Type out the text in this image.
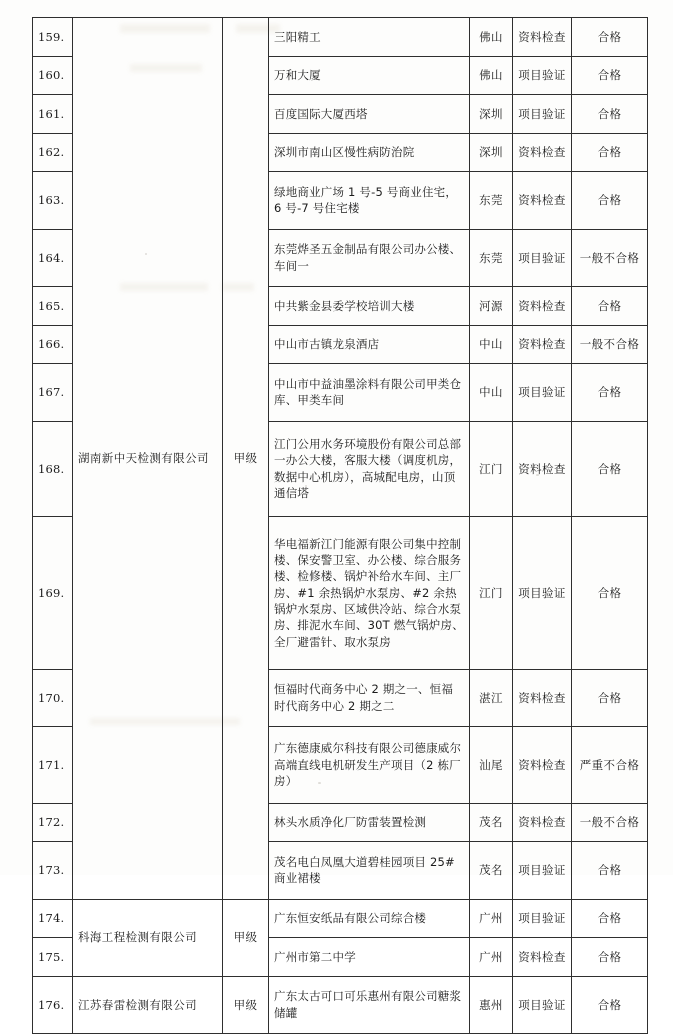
159.	湖南新中天检测有限公司	甲级	三阳精工	佛山	资料检查	合格
160.			万和大厦	佛山	项目验证	合格
161.			百度国际大厦西塔	深圳	项目验证	合格
162.			深圳市南山区慢性病防治院	深圳	资料检查	合格
163.			绿地商业广场 1 号-5 号商业住宅，6 号-7 号住宅楼	东莞	资料检查	合格
164.			东莞烨圣五金制品有限公司办公楼、车间一	东莞	项目验证	一般不合格
165.			中共紫金县委学校培训大楼	河源	资料检查	合格
166.			中山市古镇龙泉酒店	中山	资料检查	一般不合格
167.			中山市中益油墨涂料有限公司甲类仓库、甲类车间	中山	项目验证	合格
168.			江门公用水务环境股份有限公司总部一办公大楼，客服大楼（调度机房，数据中心机房），高城配电房，山顶通信塔	江门	资料检查	合格
169.			华电福新江门能源有限公司集中控制楼、保安警卫室、办公楼、综合服务楼、检修楼、锅炉补给水车间、主厂房、#1 余热锅炉水泵房、#2 余热锅炉水泵房、区域供冷站、综合水泵房、排泥水车间、30T 燃气锅炉房、全厂避雷针、取水泵房	江门	项目验证	合格
170.			恒福时代商务中心 2 期之一、恒福时代商务中心 2 期之二	湛江	资料检查	合格
171.			广东德康威尔科技有限公司德康威尔高端直线电机研发生产项目（2 栋厂房）	汕尾	资料检查	严重不合格
172.			林头水质净化厂防雷装置检测	茂名	资料检查	一般不合格
173.			茂名电白凤凰大道碧桂园项目 25#商业裙楼	茂名	项目验证	合格
174.	科海工程检测有限公司	甲级	广东恒安纸品有限公司综合楼	广州	项目验证	合格
175.			广州市第二中学	广州	资料检查	合格
176.	江苏春雷检测有限公司	甲级	广东太古可口可乐惠州有限公司糖浆储罐	惠州	项目验证	合格
